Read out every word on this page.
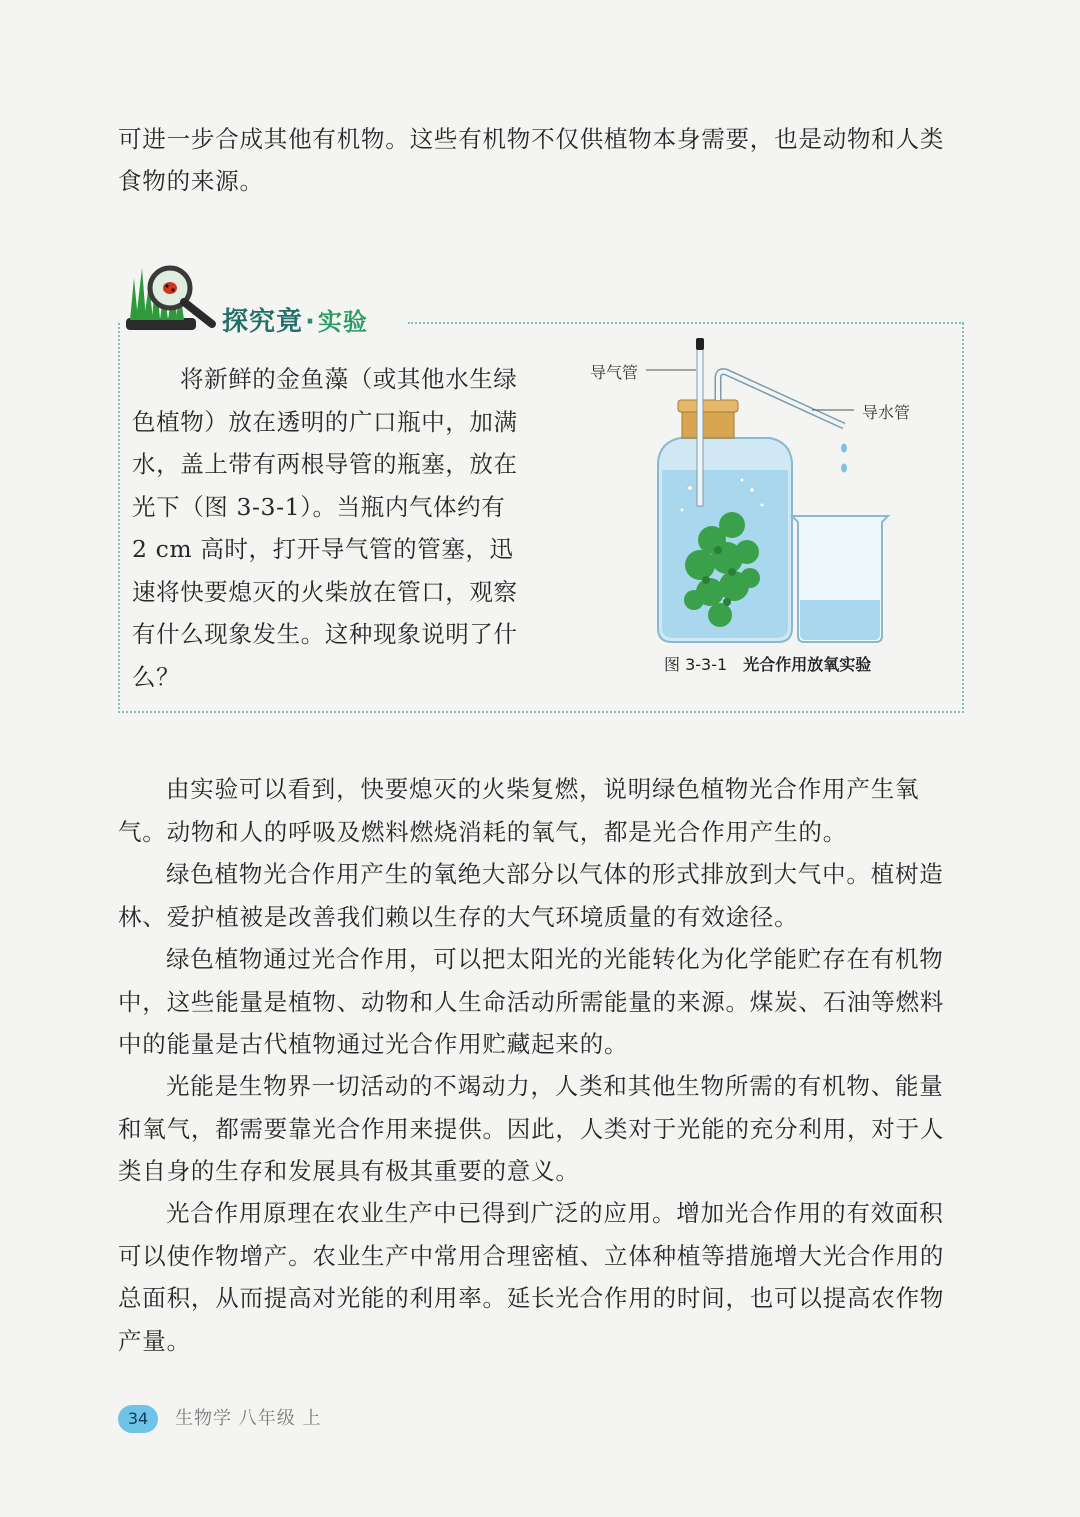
可进一步合成其他有机物。这些有机物不仅供植物本身需要，也是动物和人类

食物的来源。

探究竟·实验

将新鲜的金鱼藻（或其他水生绿色植物）放在透明的广口瓶中，加满水，盖上带有两根导管的瓶塞，放在光下（图 3-3-1）。当瓶内气体约有 2 cm 高时，打开导气管的管塞，迅速将快要熄灭的火柴放在管口，观察有什么现象发生。这种现象说明了什么？

导气管
导水管
图 3-3-1 光合作用放氧实验

由实验可以看到，快要熄灭的火柴复燃，说明绿色植物光合作用产生氧气。动物和人的呼吸及燃料燃烧消耗的氧气，都是光合作用产生的。

绿色植物光合作用产生的氧绝大部分以气体的形式排放到大气中。植树造林、爱护植被是改善我们赖以生存的大气环境质量的有效途径。

绿色植物通过光合作用，可以把太阳光的光能转化为化学能贮存在有机物中，这些能量是植物、动物和人生命活动所需能量的来源。煤炭、石油等燃料中的能量是古代植物通过光合作用贮藏起来的。

光能是生物界一切活动的不竭动力，人类和其他生物所需的有机物、能量和氧气，都需要靠光合作用来提供。因此，人类对于光能的充分利用，对于人类自身的生存和发展具有极其重要的意义。

光合作用原理在农业生产中已得到广泛的应用。增加光合作用的有效面积可以使作物增产。农业生产中常用合理密植、立体种植等措施增大光合作用的总面积，从而提高对光能的利用率。延长光合作用的时间，也可以提高农作物产量。

34	生物学 八年级 上
